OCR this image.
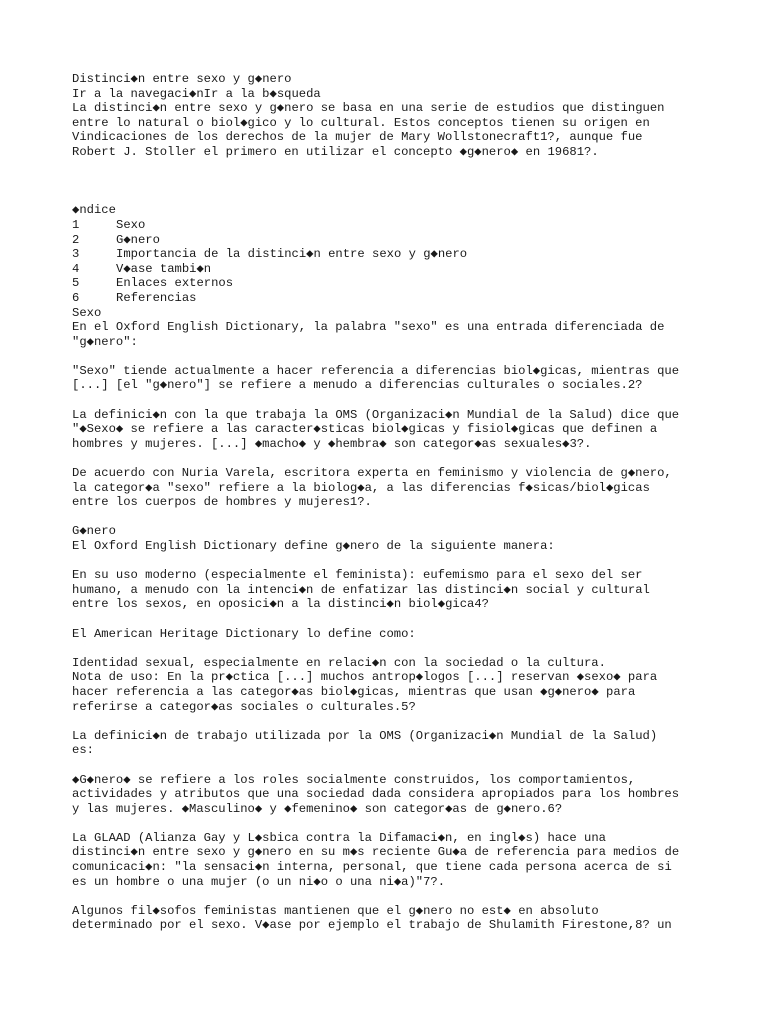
Distinci◆n entre sexo y g◆nero
Ir a la navegaci◆nIr a la b◆squeda
La distinci◆n entre sexo y g◆nero se basa en una serie de estudios que distinguen
entre lo natural o biol◆gico y lo cultural. Estos conceptos tienen su origen en
Vindicaciones de los derechos de la mujer de Mary Wollstonecraft1?, aunque fue
Robert J. Stoller el primero en utilizar el concepto ◆g◆nero◆ en 19681?.
◆ndice
1	Sexo
2	G◆nero
3	Importancia de la distinci◆n entre sexo y g◆nero
4	V◆ase tambi◆n
5	Enlaces externos
6	Referencias
Sexo
En el Oxford English Dictionary, la palabra "sexo" es una entrada diferenciada de
"g◆nero":
"Sexo" tiende actualmente a hacer referencia a diferencias biol◆gicas, mientras que
[...] [el "g◆nero"] se refiere a menudo a diferencias culturales o sociales.2?
La definici◆n con la que trabaja la OMS (Organizaci◆n Mundial de la Salud) dice que
"◆Sexo◆ se refiere a las caracter◆sticas biol◆gicas y fisiol◆gicas que definen a
hombres y mujeres. [...] ◆macho◆ y ◆hembra◆ son categor◆as sexuales◆3?.
De acuerdo con Nuria Varela, escritora experta en feminismo y violencia de g◆nero,
la categor◆a "sexo" refiere a la biolog◆a, a las diferencias f◆sicas/biol◆gicas
entre los cuerpos de hombres y mujeres1?.
G◆nero
El Oxford English Dictionary define g◆nero de la siguiente manera:
En su uso moderno (especialmente el feminista): eufemismo para el sexo del ser
humano, a menudo con la intenci◆n de enfatizar las distinci◆n social y cultural
entre los sexos, en oposici◆n a la distinci◆n biol◆gica4?
El American Heritage Dictionary lo define como:
Identidad sexual, especialmente en relaci◆n con la sociedad o la cultura.
Nota de uso: En la pr◆ctica [...] muchos antrop◆logos [...] reservan ◆sexo◆ para
hacer referencia a las categor◆as biol◆gicas, mientras que usan ◆g◆nero◆ para
referirse a categor◆as sociales o culturales.5?
La definici◆n de trabajo utilizada por la OMS (Organizaci◆n Mundial de la Salud)
es:
◆G◆nero◆ se refiere a los roles socialmente construidos, los comportamientos,
actividades y atributos que una sociedad dada considera apropiados para los hombres
y las mujeres. ◆Masculino◆ y ◆femenino◆ son categor◆as de g◆nero.6?
La GLAAD (Alianza Gay y L◆sbica contra la Difamaci◆n, en ingl◆s) hace una
distinci◆n entre sexo y g◆nero en su m◆s reciente Gu◆a de referencia para medios de
comunicaci◆n: "la sensaci◆n interna, personal, que tiene cada persona acerca de si
es un hombre o una mujer (o un ni◆o o una ni◆a)"7?.
Algunos fil◆sofos feministas mantienen que el g◆nero no est◆ en absoluto
determinado por el sexo. V◆ase por ejemplo el trabajo de Shulamith Firestone,8? un
